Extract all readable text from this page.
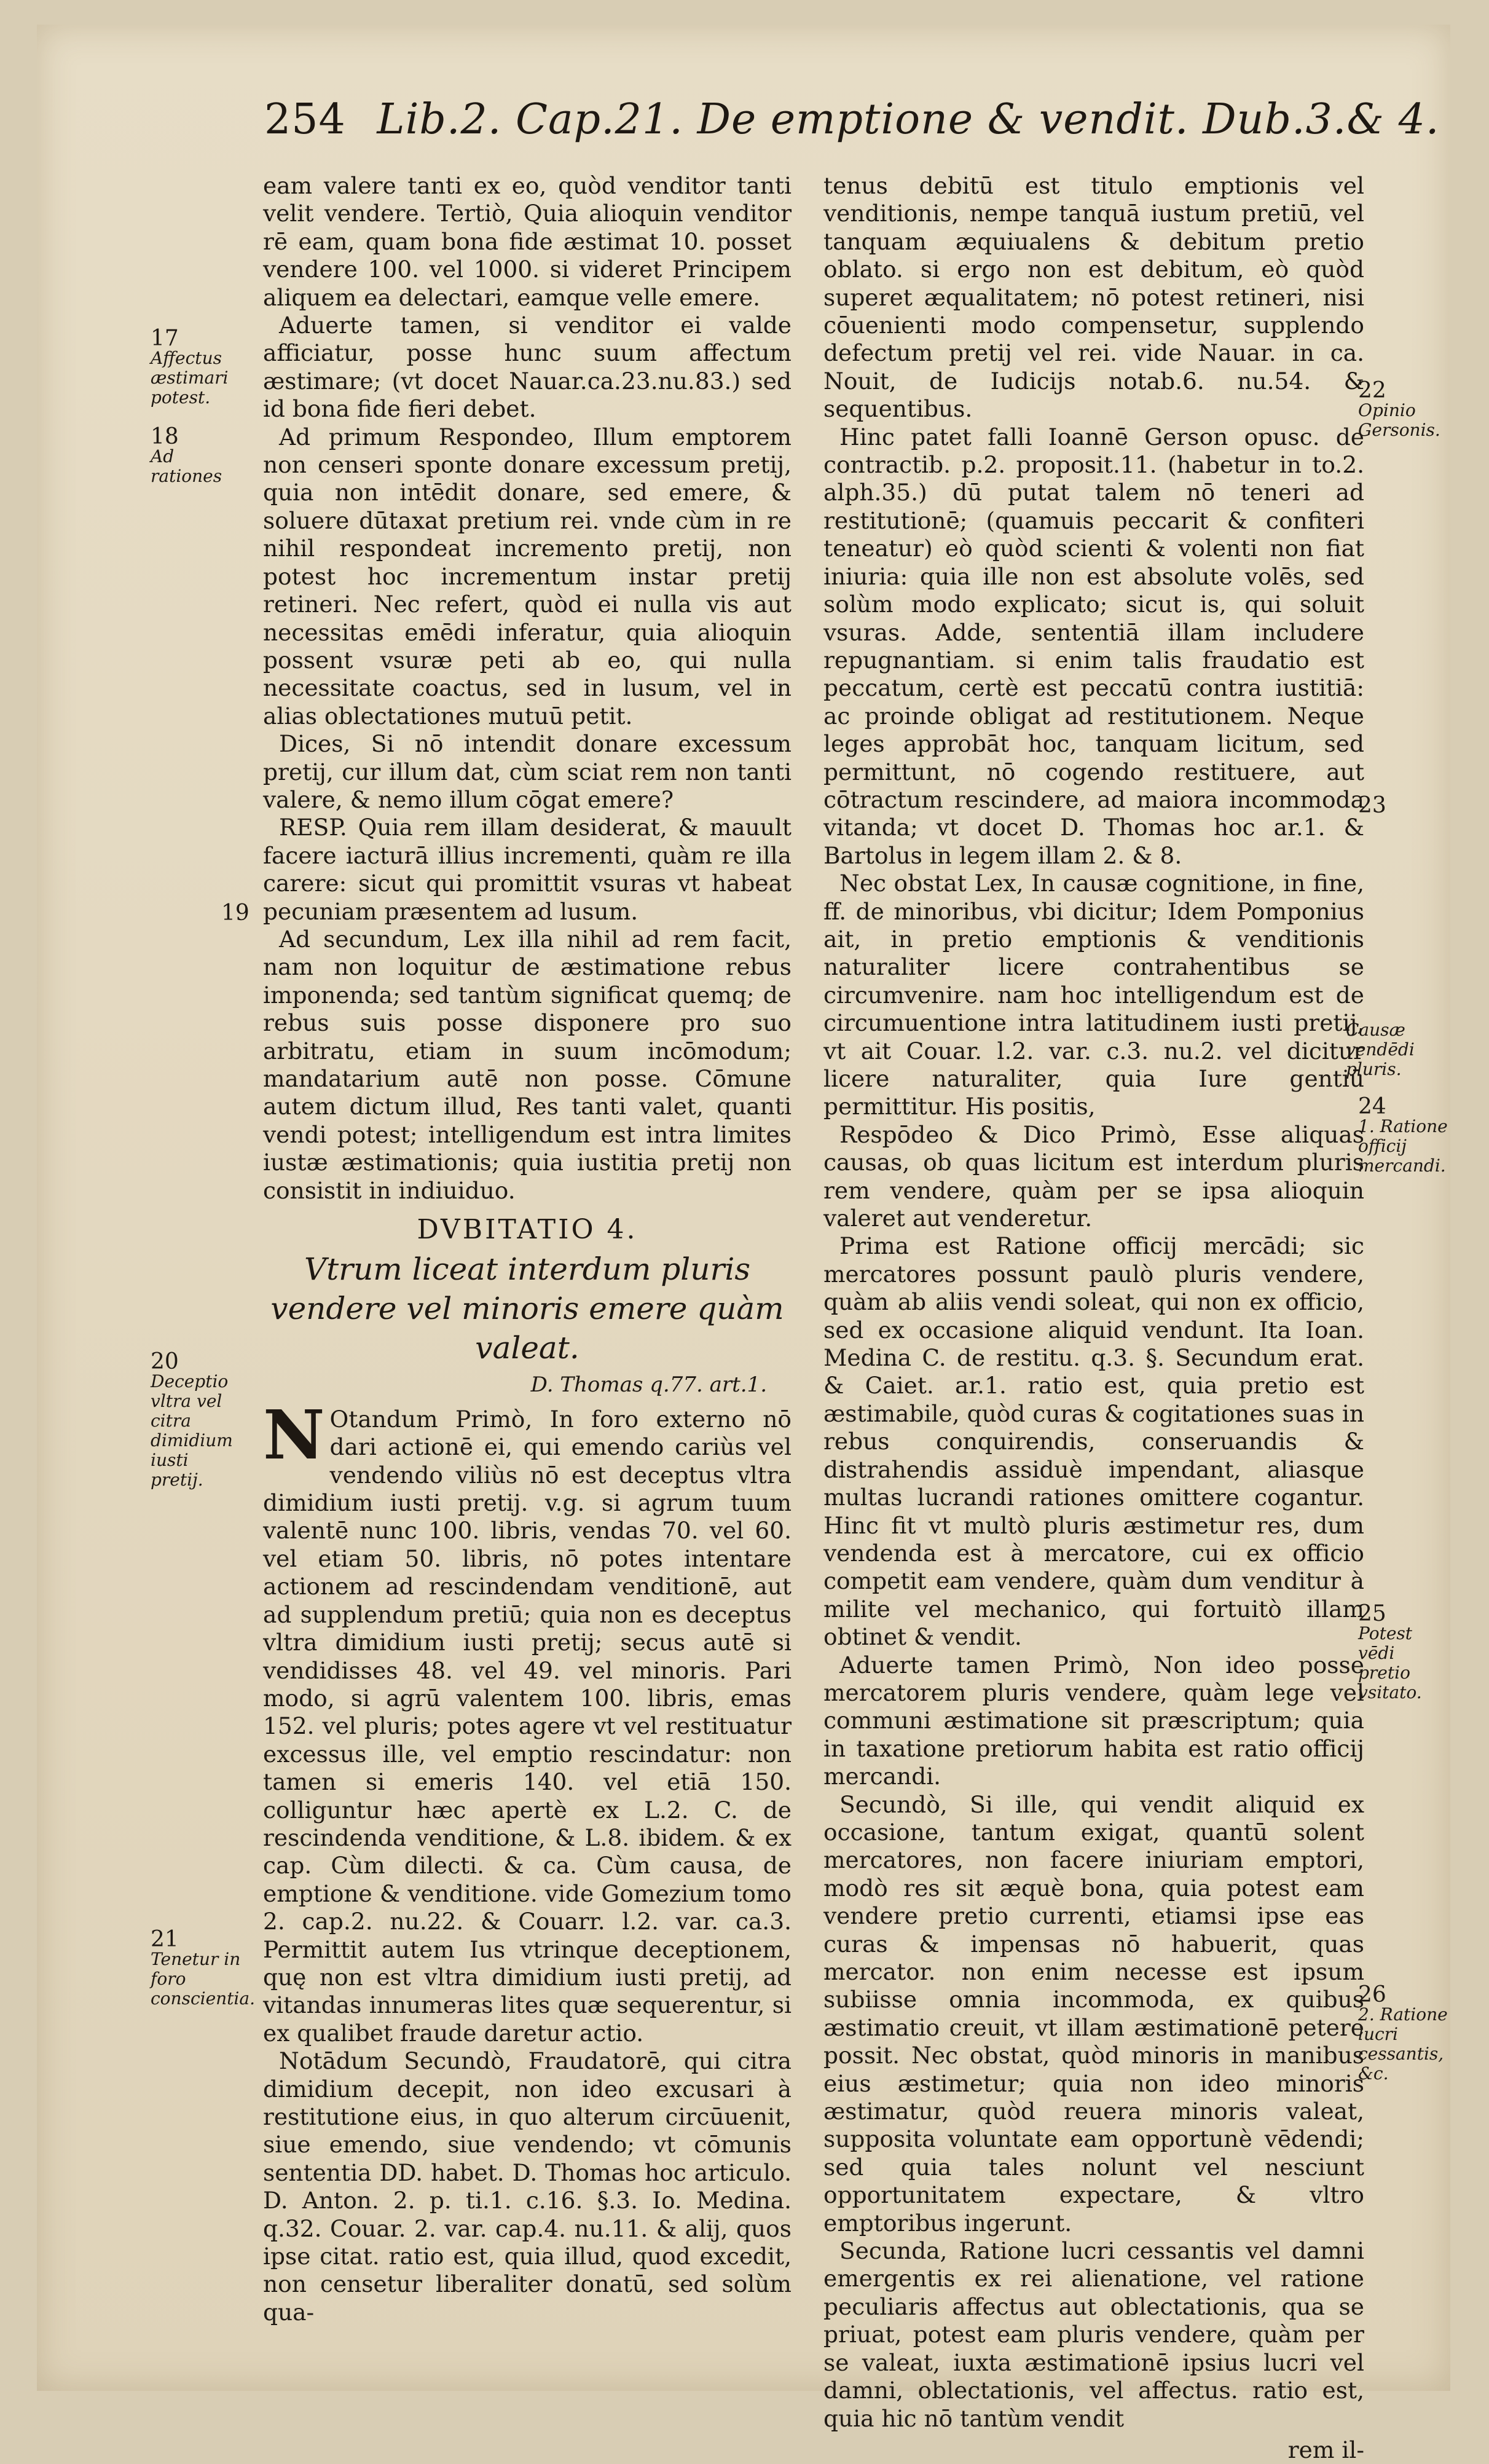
254 Lib.2. Cap.21. De emptione & vendit. Dub.3.& 4.

eam valere tanti ex eo, quòd venditor tanti velit vendere. Tertiò, Quia alioquin venditor rē eam, quam bona fide æstimat 10. posset vendere 100. vel 1000. si videret Principem aliquem ea delectari, eamque velle emere.

Aduerte tamen, si venditor ei valde afficiatur, posse hunc suum affectum æstimare; (vt docet Nauar.ca.23.nu.83.) sed id bona fide fieri debet.

Ad primum Respondeo, Illum emptorem non censeri sponte donare excessum pretij, quia non intēdit donare, sed emere, & soluere dūtaxat pretium rei. vnde cùm in re nihil respondeat incremento pretij, non potest hoc incrementum instar pretij retineri. Nec refert, quòd ei nulla vis aut necessitas emēdi inferatur, quia alioquin possent vsuræ peti ab eo, qui nulla necessitate coactus, sed in lusum, vel in alias oblectationes mutuū petit.

Dices, Si nō intendit donare excessum pretij, cur illum dat, cùm sciat rem non tanti valere, & nemo illum cōgat emere?

RESP. Quia rem illam desiderat, & mauult facere iacturā illius incrementi, quàm re illa carere: sicut qui promittit vsuras vt habeat pecuniam præsentem ad lusum.

Ad secundum, Lex illa nihil ad rem facit, nam non loquitur de æstimatione rebus imponenda; sed tantùm significat quemq; de rebus suis posse disponere pro suo arbitratu, etiam in suum incōmodum; mandatarium autē non posse. Cōmune autem dictum illud, Res tanti valet, quanti vendi potest; intelligendum est intra limites iustæ æstimationis; quia iustitia pretij non consistit in indiuiduo.

DVBITATIO 4.
Vtrum liceat interdum pluris vendere vel minoris emere quàm valeat.
D. Thomas q.77. art.1.

N Otandum Primò, In foro externo nō dari actionē ei, qui emendo cariùs vel vendendo viliùs nō est deceptus vltra dimidium iusti pretij. v.g. si agrum tuum valentē nunc 100. libris, vendas 70. vel 60. vel etiam 50. libris, nō potes intentare actionem ad rescindendam venditionē, aut ad supplendum pretiū; quia non es deceptus vltra dimidium iusti pretij; secus autē si vendidisses 48. vel 49. vel minoris. Pari modo, si agrū valentem 100. libris, emas 152. vel pluris; potes agere vt vel restituatur excessus ille, vel emptio rescindatur: non tamen si emeris 140. vel etiā 150. colliguntur hæc apertè ex L.2. C. de rescindenda venditione, & L.8. ibidem. & ex cap. Cùm dilecti. & ca. Cùm causa, de emptione & venditione. vide Gomezium tomo 2. cap.2. nu.22. & Couarr. l.2. var. ca.3. Permittit autem Ius vtrinque deceptionem, quę non est vltra dimidium iusti pretij, ad vitandas innumeras lites quæ sequerentur, si ex qualibet fraude daretur actio.

Notādum Secundò, Fraudatorē, qui citra dimidium decepit, non ideo excusari à restitutione eius, in quo alterum circūuenit, siue emendo, siue vendendo; vt cōmunis sententia DD. habet. D. Thomas hoc articulo. D. Anton. 2. p. ti.1. c.16. §.3. Io. Medina. q.32. Couar. 2. var. cap.4. nu.11. & alij, quos ipse citat. ratio est, quia illud, quod excedit, non censetur liberaliter donatū, sed solùm qua-

tenus debitū est titulo emptionis vel venditionis, nempe tanquā iustum pretiū, vel tanquam æquiualens & debitum pretio oblato. si ergo non est debitum, eò quòd superet æqualitatem; nō potest retineri, nisi cōuenienti modo compensetur, supplendo defectum pretij vel rei. vide Nauar. in ca. Nouit, de Iudicijs notab.6. nu.54. & sequentibus.

Hinc patet falli Ioannē Gerson opusc. de contractib. p.2. proposit.11. (habetur in to.2. alph.35.) dū putat talem nō teneri ad restitutionē; (quamuis peccarit & confiteri teneatur) eò quòd scienti & volenti non fiat iniuria: quia ille non est absolute volēs, sed solùm modo explicato; sicut is, qui soluit vsuras. Adde, sententiā illam includere repugnantiam. si enim talis fraudatio est peccatum, certè est peccatū contra iustitiā: ac proinde obligat ad restitutionem. Neque leges approbāt hoc, tanquam licitum, sed permittunt, nō cogendo restituere, aut cōtractum rescindere, ad maiora incommoda vitanda; vt docet D. Thomas hoc ar.1. & Bartolus in legem illam 2. & 8.

Nec obstat Lex, In causæ cognitione, in fine, ff. de minoribus, vbi dicitur; Idem Pomponius ait, in pretio emptionis & venditionis naturaliter licere contrahentibus se circumvenire. nam hoc intelligendum est de circumuentione intra latitudinem iusti pretij, vt ait Couar. l.2. var. c.3. nu.2. vel dicitur licere naturaliter, quia Iure gentiū permittitur. His positis,

Respōdeo & Dico Primò, Esse aliquas causas, ob quas licitum est interdum pluris rem vendere, quàm per se ipsa alioquin valeret aut venderetur.

Prima est Ratione officij mercādi; sic mercatores possunt paulò pluris vendere, quàm ab aliis vendi soleat, qui non ex officio, sed ex occasione aliquid vendunt. Ita Ioan. Medina C. de restitu. q.3. §. Secundum erat. & Caiet. ar.1. ratio est, quia pretio est æstimabile, quòd curas & cogitationes suas in rebus conquirendis, conseruandis & distrahendis assiduè impendant, aliasque multas lucrandi rationes omittere cogantur. Hinc fit vt multò pluris æstimetur res, dum vendenda est à mercatore, cui ex officio competit eam vendere, quàm dum venditur à milite vel mechanico, qui fortuitò illam obtinet & vendit.

Aduerte tamen Primò, Non ideo posse mercatorem pluris vendere, quàm lege vel communi æstimatione sit præscriptum; quia in taxatione pretiorum habita est ratio officij mercandi.

Secundò, Si ille, qui vendit aliquid ex occasione, tantum exigat, quantū solent mercatores, non facere iniuriam emptori, modò res sit æquè bona, quia potest eam vendere pretio currenti, etiamsi ipse eas curas & impensas nō habuerit, quas mercator. non enim necesse est ipsum subiisse omnia incommoda, ex quibus æstimatio creuit, vt illam æstimationē petere possit. Nec obstat, quòd minoris in manibus eius æstimetur; quia non ideo minoris æstimatur, quòd reuera minoris valeat, supposita voluntate eam opportunè vēdendi; sed quia tales nolunt vel nesciunt opportunitatem expectare, & vltro emptoribus ingerunt.

Secunda, Ratione lucri cessantis vel damni emergentis ex rei alienatione, vel ratione peculiaris affectus aut oblectationis, qua se priuat, potest eam pluris vendere, quàm per se valeat, iuxta æstimationē ipsius lucri vel damni, oblectationis, vel affectus. ratio est, quia hic nō tantùm vendit

rem il-
17
Affectus æstimari potest.
18
Ad rationes
19
20
Deceptio vltra vel citra dimidium iusti pretij.
21
Tenetur in foro conscientia.
22
Opinio Gersonis.
23
Causæ vendēdi pluris.
24
1. Ratione officij mercandi.
25
Potest vēdi pretio vsitato.
26
2. Ratione lucri cessantis, &c.
